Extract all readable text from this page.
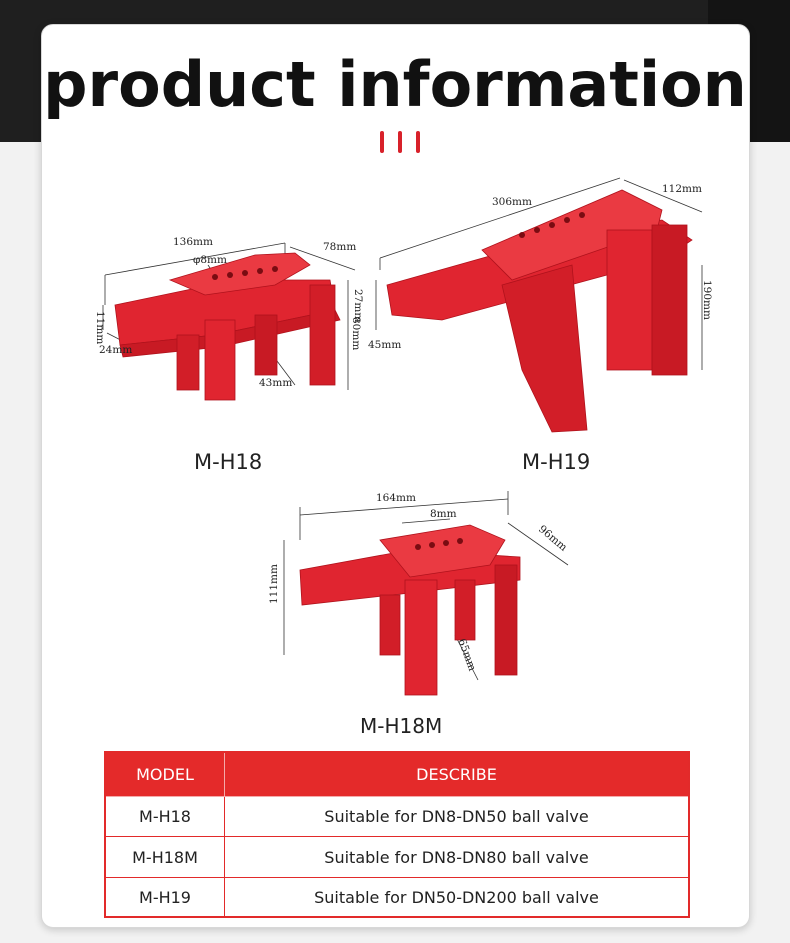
product information
136mm	78mm
φ8mm
11mm
24mm	80mm
43mm
M-H18
306mm
112mm
27mm
45mm
190mm
M-H19
164mm
8mm
96mm
111mm
65mm
M-H18M
MODEL	DESCRIBE
M-H18	Suitable for DN8-DN50 ball valve
M-H18M	Suitable for DN8-DN80 ball valve
M-H19	Suitable for DN50-DN200 ball valve
